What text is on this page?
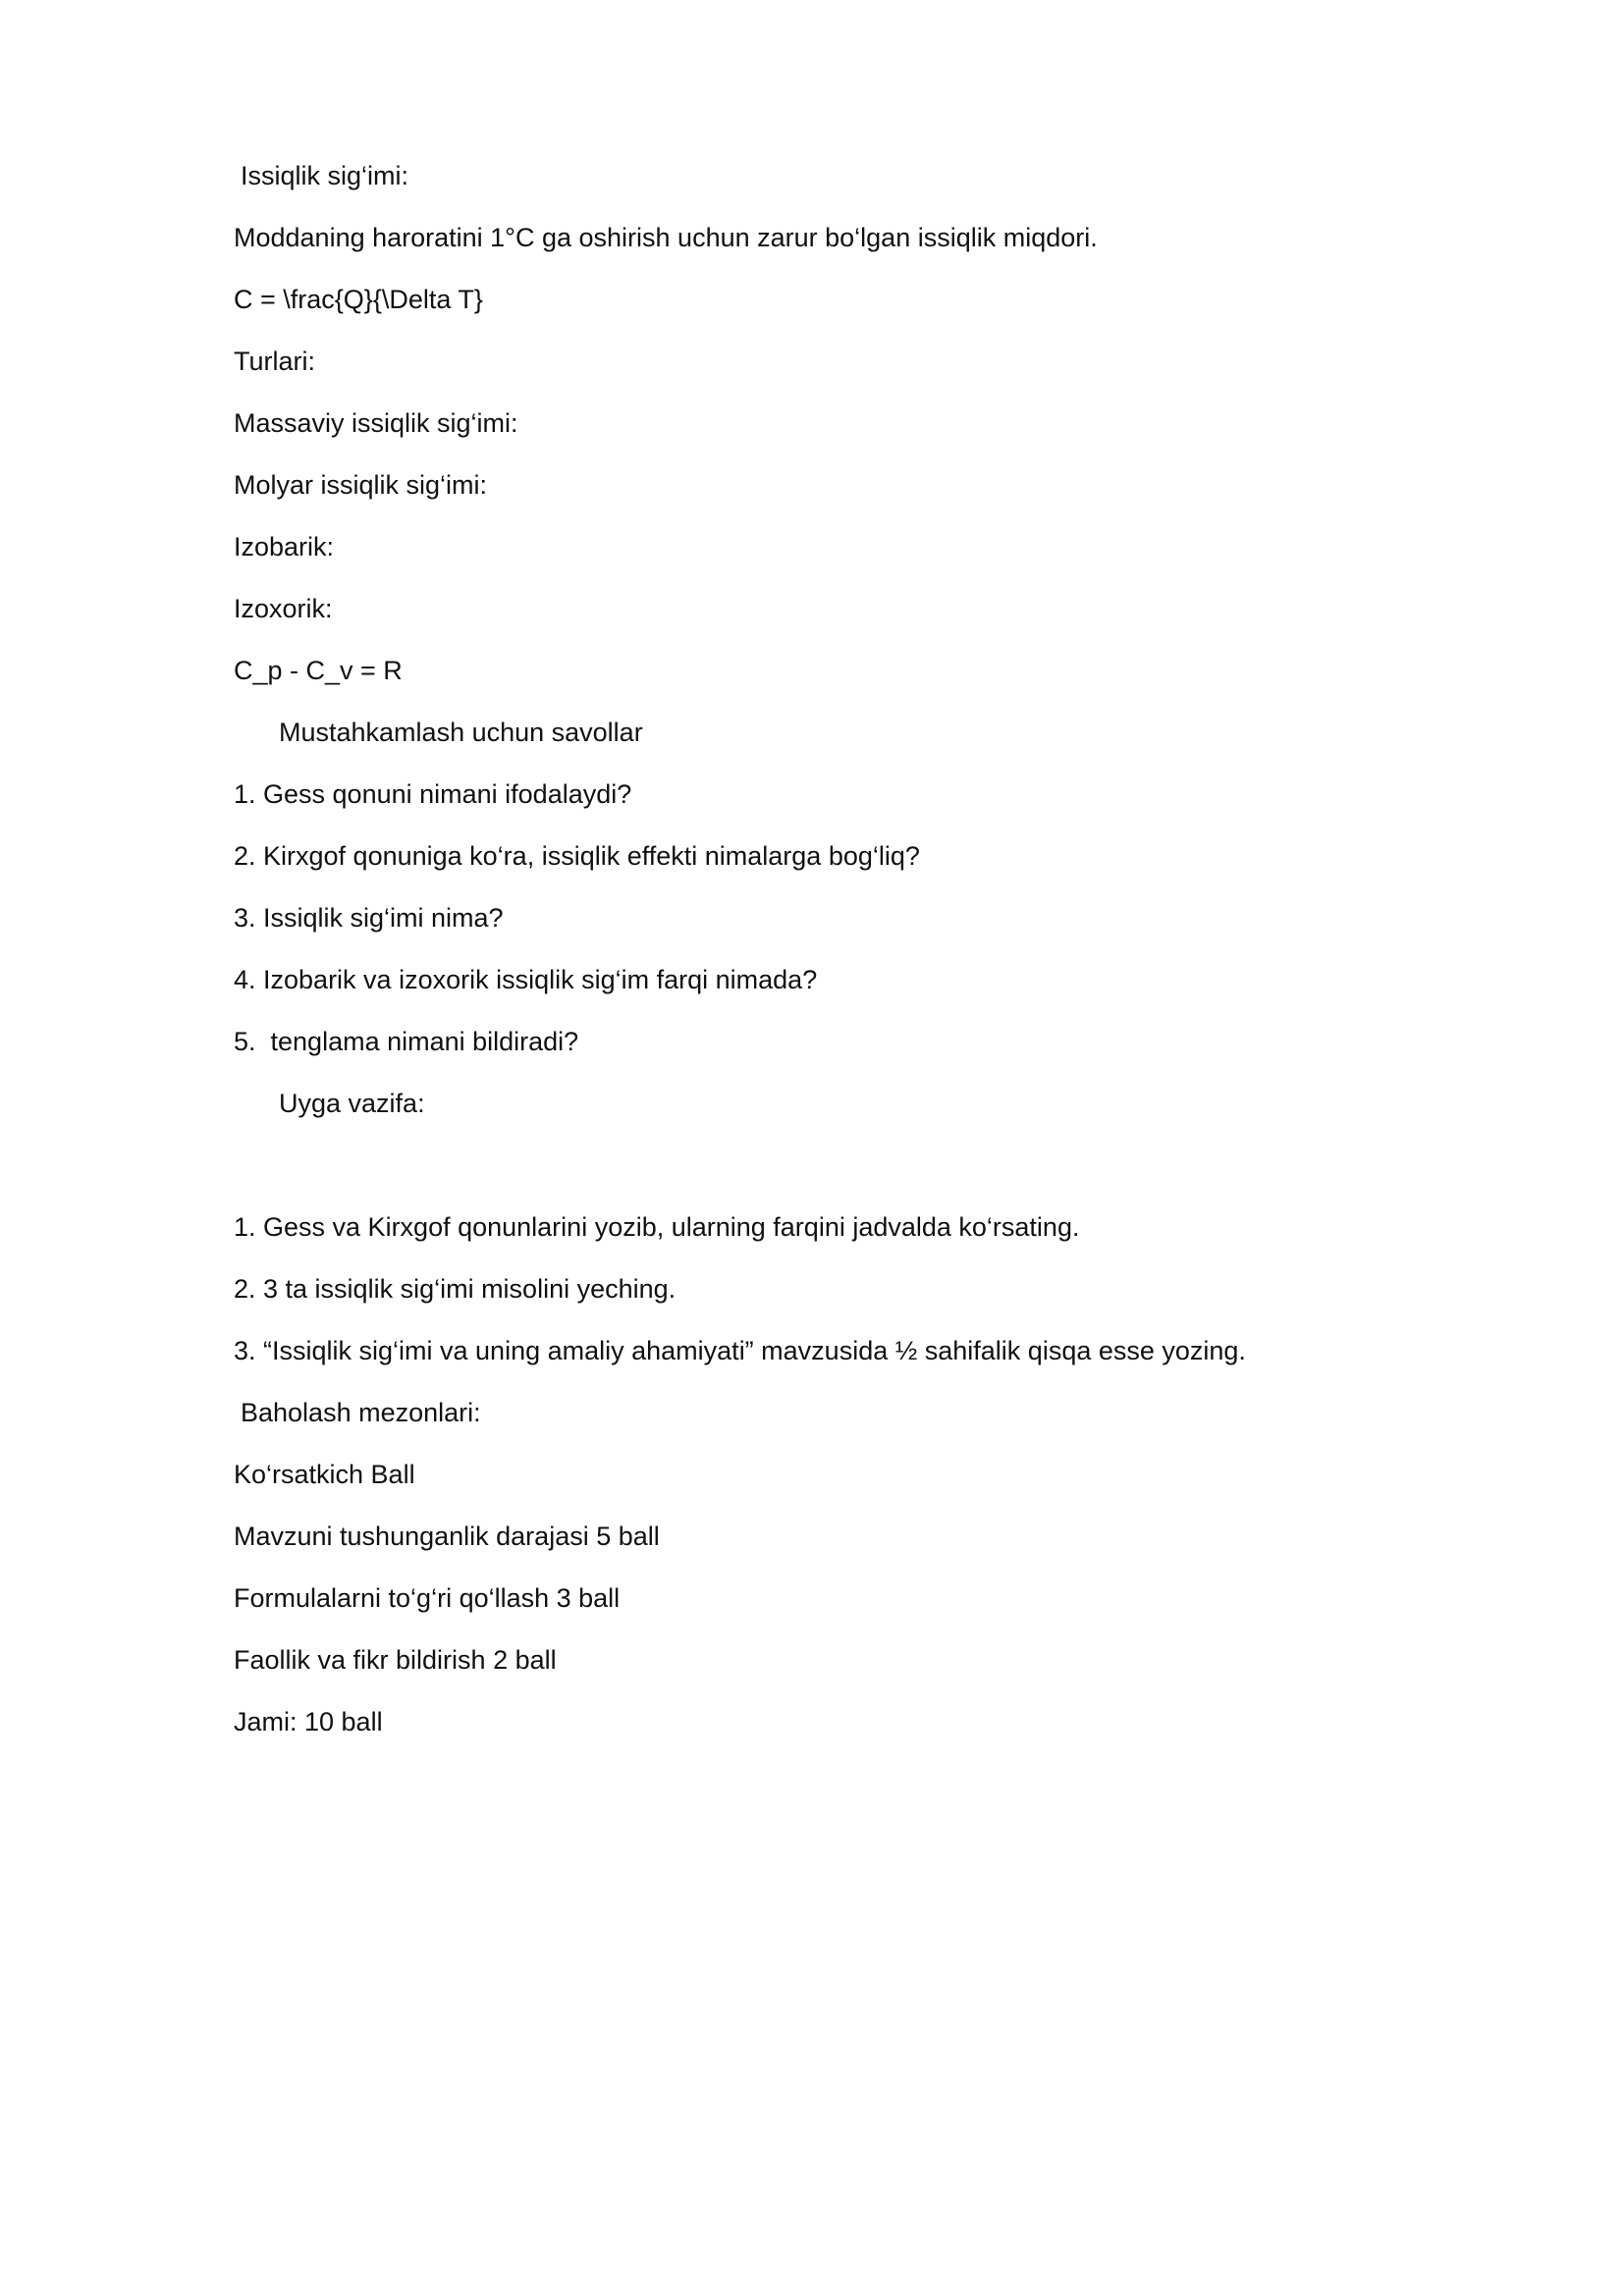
Issiqlik sig‘imi:
Moddaning haroratini 1°C ga oshirish uchun zarur bo‘lgan issiqlik miqdori.
C = \frac{Q}{\Delta T}
Turlari:
Massaviy issiqlik sig‘imi:
Molyar issiqlik sig‘imi:
Izobarik:
Izoxorik:
C_p - C_v = R
Mustahkamlash uchun savollar
1. Gess qonuni nimani ifodalaydi?
2. Kirxgof qonuniga ko‘ra, issiqlik effekti nimalarga bog‘liq?
3. Issiqlik sig‘imi nima?
4. Izobarik va izoxorik issiqlik sig‘im farqi nimada?
5.  tenglama nimani bildiradi?
Uyga vazifa:
1. Gess va Kirxgof qonunlarini yozib, ularning farqini jadvalda ko‘rsating.
2. 3 ta issiqlik sig‘imi misolini yeching.
3. “Issiqlik sig‘imi va uning amaliy ahamiyati” mavzusida ½ sahifalik qisqa esse yozing.
Baholash mezonlari:
Ko‘rsatkich Ball
Mavzuni tushunganlik darajasi 5 ball
Formulalarni to‘g‘ri qo‘llash 3 ball
Faollik va fikr bildirish 2 ball
Jami: 10 ball
